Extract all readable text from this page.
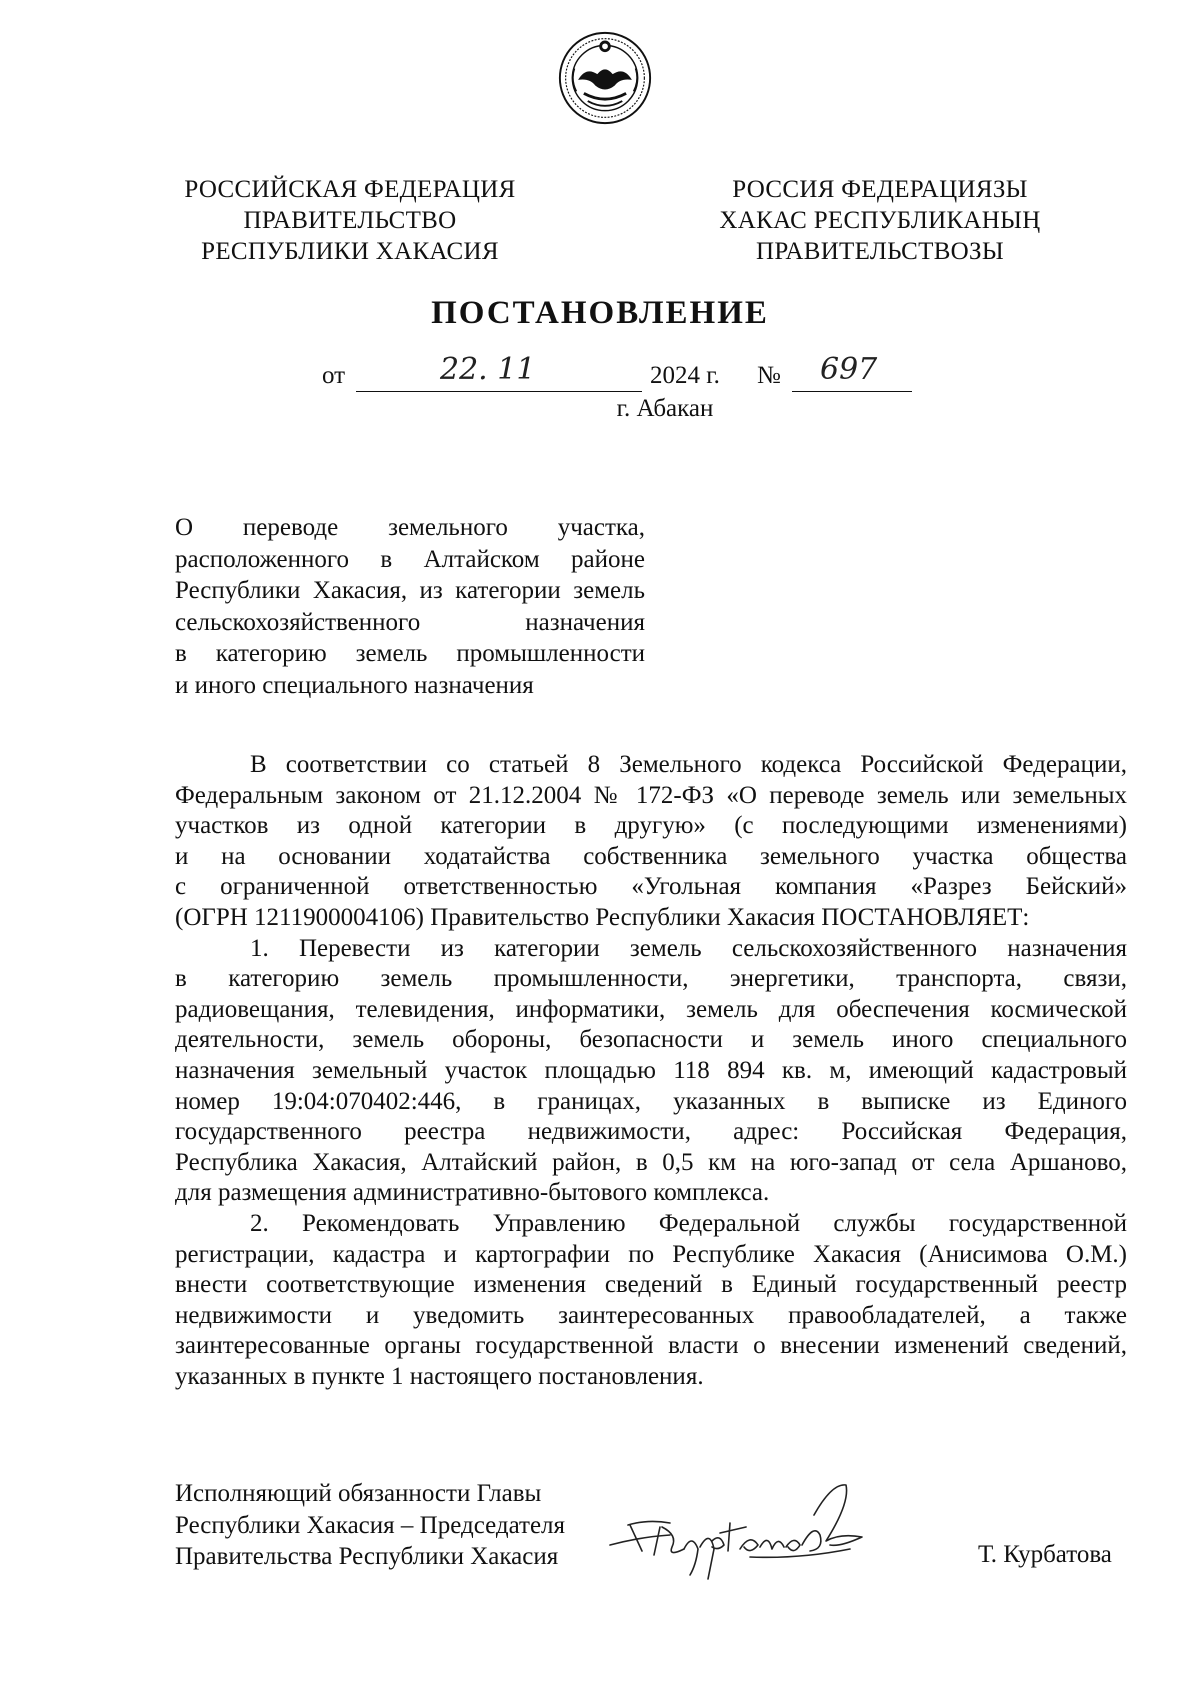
РОССИЙСКАЯ ФЕДЕРАЦИЯ
ПРАВИТЕЛЬСТВО
РЕСПУБЛИКИ ХАКАСИЯ
РОССИЯ ФЕДЕРАЦИЯЗЫ
ХАКАС РЕСПУБЛИКАНЫҢ
ПРАВИТЕЛЬСТВОЗЫ
ПОСТАНОВЛЕНИЕ
от	22. 11	2024 г. № 697
г. Абакан
О переводе земельного участка,
расположенного в Алтайском районе
Республики Хакасия, из категории земель
сельскохозяйственного назначения
в категорию земель промышленности
и иного специального назначения
В соответствии со статьей 8 Земельного кодекса Российской Федерации,
Федеральным законом от 21.12.2004 № 172-ФЗ «О переводе земель или земельных
участков из одной категории в другую» (с последующими изменениями)
и на основании ходатайства собственника земельного участка общества
с ограниченной ответственностью «Угольная компания «Разрез Бейский»
(ОГРН 1211900004106) Правительство Республики Хакасия ПОСТАНОВЛЯЕТ:
1. Перевести из категории земель сельскохозяйственного назначения
в категорию земель промышленности, энергетики, транспорта, связи,
радиовещания, телевидения, информатики, земель для обеспечения космической
деятельности, земель обороны, безопасности и земель иного специального
назначения земельный участок площадью 118 894 кв. м, имеющий кадастровый
номер 19:04:070402:446, в границах, указанных в выписке из Единого
государственного реестра недвижимости, адрес: Российская Федерация,
Республика Хакасия, Алтайский район, в 0,5 км на юго-запад от села Аршаново,
для размещения административно-бытового комплекса.
2. Рекомендовать Управлению Федеральной службы государственной
регистрации, кадастра и картографии по Республике Хакасия (Анисимова О.М.)
внести соответствующие изменения сведений в Единый государственный реестр
недвижимости и уведомить заинтересованных правообладателей, а также
заинтересованные органы государственной власти о внесении изменений сведений,
указанных в пункте 1 настоящего постановления.
Исполняющий обязанности Главы
Республики Хакасия – Председателя
Правительства Республики Хакасия	Т. Курбатова
